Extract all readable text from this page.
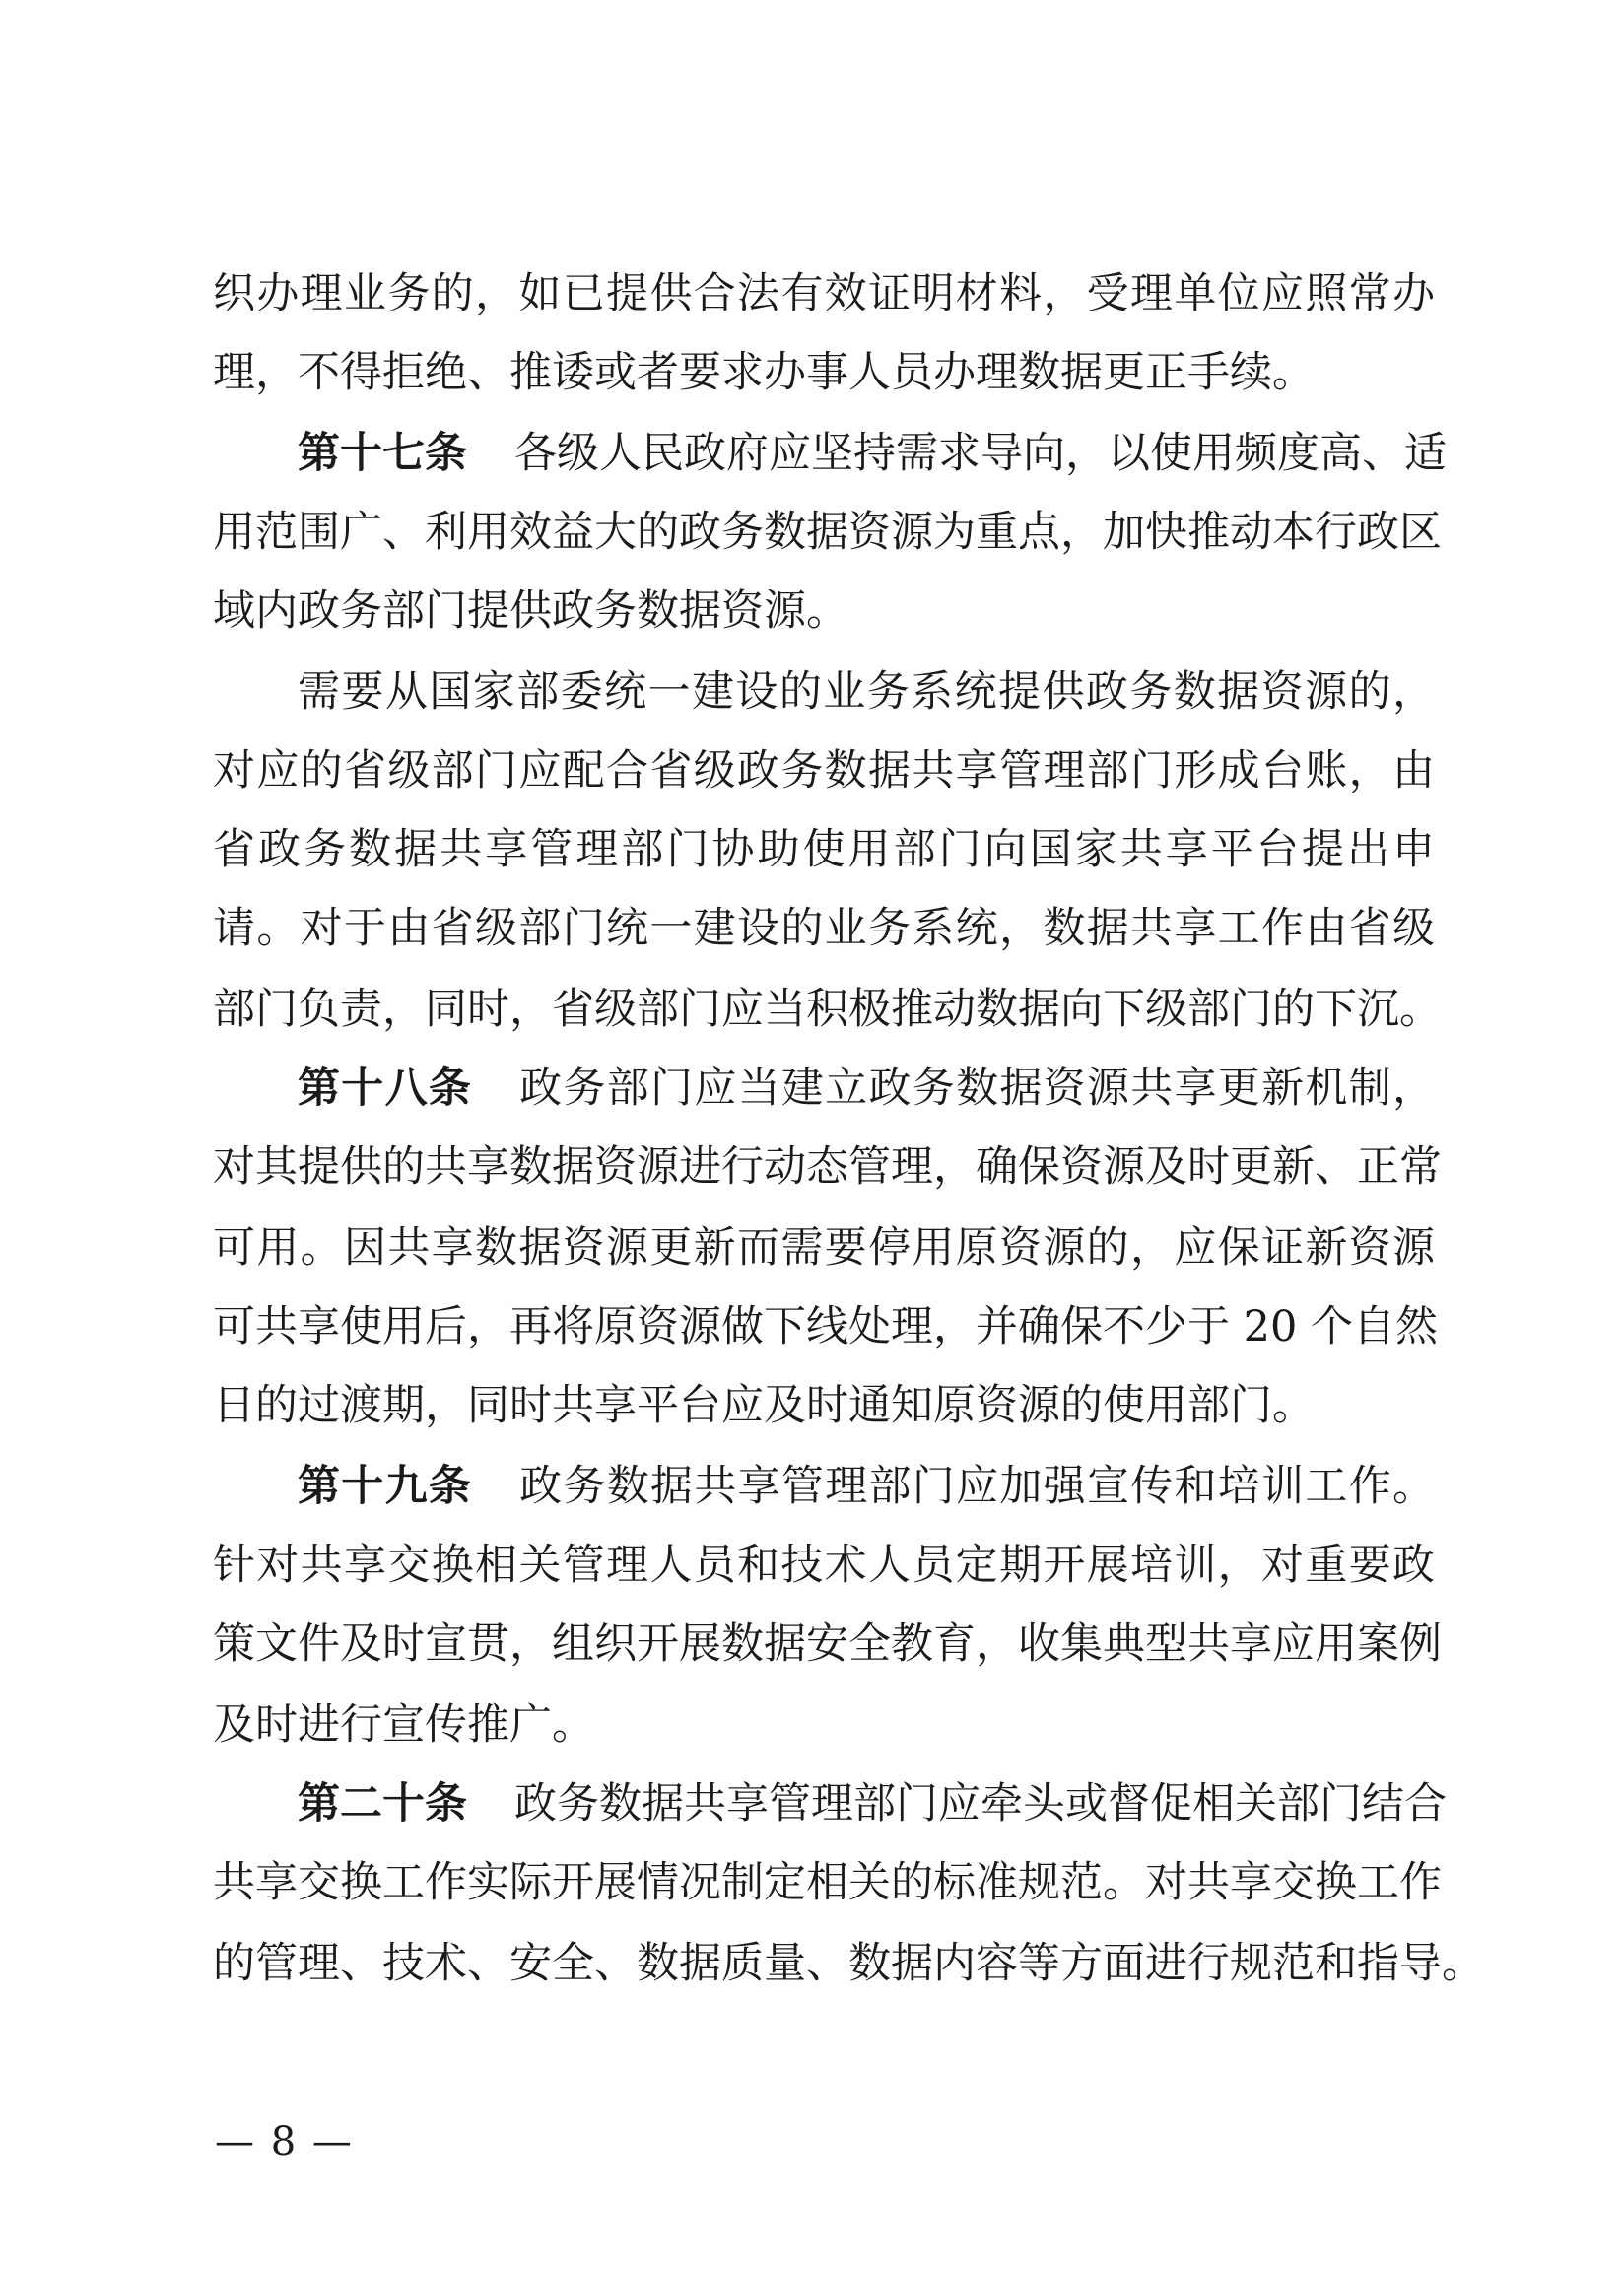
织办理业务的，如已提供合法有效证明材料，受理单位应照常办
理，不得拒绝、推诿或者要求办事人员办理数据更正手续。
第十七条 各级人民政府应坚持需求导向，以使用频度高、适
用范围广、利用效益大的政务数据资源为重点，加快推动本行政区
域内政务部门提供政务数据资源。
需要从国家部委统一建设的业务系统提供政务数据资源的，
对应的省级部门应配合省级政务数据共享管理部门形成台账，由
省政务数据共享管理部门协助使用部门向国家共享平台提出申
请。对于由省级部门统一建设的业务系统，数据共享工作由省级
部门负责，同时，省级部门应当积极推动数据向下级部门的下沉。
第十八条 政务部门应当建立政务数据资源共享更新机制，
对其提供的共享数据资源进行动态管理，确保资源及时更新、正常
可用。因共享数据资源更新而需要停用原资源的，应保证新资源
可共享使用后，再将原资源做下线处理，并确保不少于 20 个自然
日的过渡期，同时共享平台应及时通知原资源的使用部门。
第十九条 政务数据共享管理部门应加强宣传和培训工作。
针对共享交换相关管理人员和技术人员定期开展培训，对重要政
策文件及时宣贯，组织开展数据安全教育，收集典型共享应用案例
及时进行宣传推广。
第二十条 政务数据共享管理部门应牵头或督促相关部门结合
共享交换工作实际开展情况制定相关的标准规范。对共享交换工作
的管理、技术、安全、数据质量、数据内容等方面进行规范和指导。
— 8 —
